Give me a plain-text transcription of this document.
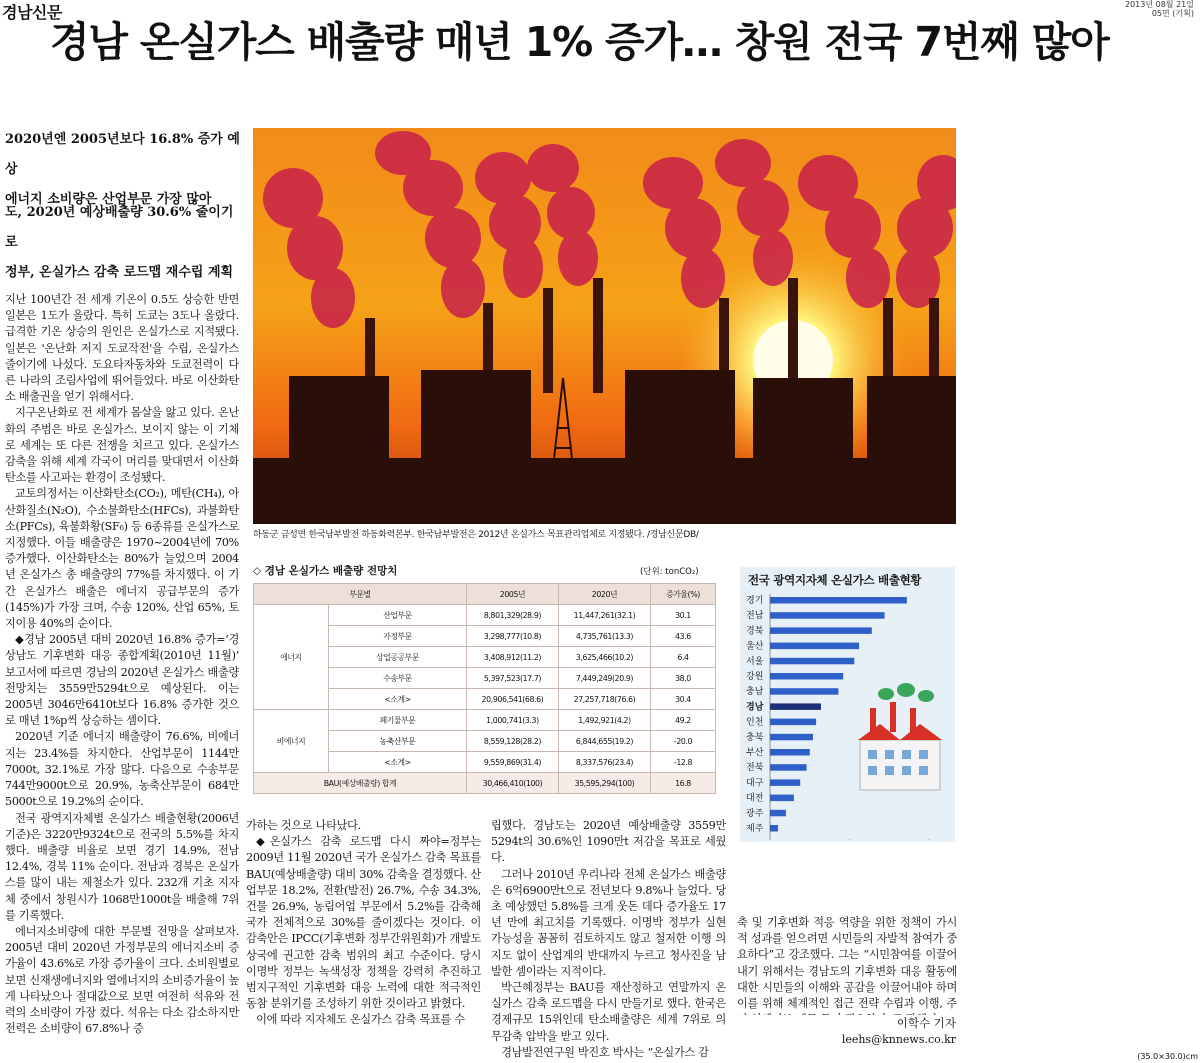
경남신문	2013년 08월 21일
05면 (기획)
경남 온실가스 배출량 매년 1% 증가… 창원 전국 7번째 많아
2020년엔 2005년보다 16.8% 증가 예상
에너지 소비량은 산업부문 가장 많아
도, 2020년 예상배출량 30.6% 줄이기로
정부, 온실가스 감축 로드맵 재수립 계획

지난 100년간 전 세계 기온이 0.5도 상승한 반면 일본은 1도가 올랐다. 특히 도쿄는 3도나 올랐다. 급격한 기온 상승의 원인은 온실가스로 지적됐다. 일본은 '온난화 저지 도쿄작전'을 수립, 온실가스 줄이기에 나섰다. 도요타자동차와 도쿄전력이 다른 나라의 조림사업에 뛰어들었다. 바로 이산화탄소 배출권을 얻기 위해서다.

지구온난화로 전 세계가 몸살을 앓고 있다. 온난화의 주범은 바로 온실가스. 보이지 않는 이 기체로 세계는 또 다른 전쟁을 치르고 있다. 온실가스 감축을 위해 세계 각국이 머리를 맞대면서 이산화탄소를 사고파는 환경이 조성됐다.

교토의정서는 이산화탄소(CO₂), 메탄(CH₄), 아산화질소(N₂O), 수소불화탄소(HFCs), 과불화탄소(PFCs), 육불화황(SF₆) 등 6종류를 온실가스로 지정했다. 이들 배출량은 1970~2004년에 70% 증가했다. 이산화탄소는 80%가 늘었으며 2004년 온실가스 총 배출량의 77%를 차지했다. 이 기간 온실가스 배출은 에너지 공급부문의 증가(145%)가 가장 크며, 수송 120%, 산업 65%, 토지이용 40%의 순이다.

◆경남 2005년 대비 2020년 16.8% 증가=‘경상남도 기후변화 대응 종합계획(2010년 11월)’ 보고서에 따르면 경남의 2020년 온실가스 배출량 전망치는 3559만5294t으로 예상된다. 이는 2005년 3046만6410t보다 16.8% 증가한 것으로 매년 1%p씩 상승하는 셈이다.

2020년 기준 에너지 배출량이 76.6%, 비에너지는 23.4%를 차지한다. 산업부문이 1144만7000t, 32.1%로 가장 많다. 다음으로 수송부문 744만9000t으로 20.9%, 농축산부문이 684만5000t으로 19.2%의 순이다.

전국 광역지자체별 온실가스 배출현황(2006년 기준)은 3220만9324t으로 전국의 5.5%를 차지했다. 배출량 비율로 보면 경기 14.9%, 전남 12.4%, 경북 11% 순이다. 전남과 경북은 온실가스를 많이 내는 제철소가 있다. 232개 기초 지자체 중에서 창원시가 1068만1000t을 배출해 7위를 기록했다.

에너지소비량에 대한 부문별 전망을 살펴보자. 2005년 대비 2020년 가정부문의 에너지소비 증가율이 43.6%로 가장 증가율이 크다. 소비원별로 보면 신재생에너지와 열에너지의 소비증가율이 높게 나타났으나 절대값으로 보면 여전히 석유와 전력의 소비량이 가장 컸다. 석유는 다소 감소하지만 전력은 소비량이 67.8%나 증

하동군 금성면 한국남부발전 하동화력본부. 한국남부발전은 2012년 온실가스 목표관리업체로 지정됐다. /경남신문DB/
◇ 경남 온실가스 배출량 전망치	(단위: tonCO₂)
부문별		2005년	2020년	증가율(%)
에너지	산업부문	8,801,329(28.9)	11,447,261(32.1)	30.1
	가정부문	3,298,777(10.8)	4,735,761(13.3)	43.6
	상업공공부문	3,408,912(11.2)	3,625,466(10.2)	6.4
	수송부문	5,397,523(17.7)	7,449,249(20.9)	38.0
	<소계>	20,906,541(68.6)	27,257,718(76.6)	30.4
비에너지	폐기물부문	1,000,741(3.3)	1,492,921(4.2)	49.2
	농축산부문	8,559,128(28.2)	6,844,655(19.2)	-20.0
	<소계>	9,559,869(31.4)	8,337,576(23.4)	-12.8
BAU(예상배출량) 합계		30,466,410(100)	35,595,294(100)	16.8
전국 광역지자체 온실가스 배출현황
경기
전남
경북
울산
서울
강원
충남
경남
인천
충북
부산
전북
대구
대전
광주
제주

가하는 것으로 나타났다.

◆온실가스 감축 로드맵 다시 짜야=정부는 2009년 11월 2020년 국가 온실가스 감축 목표를 BAU(예상배출량) 대비 30% 감축을 결정했다. 산업부문 18.2%, 전환(발전) 26.7%, 수송 34.3%, 건물 26.9%, 농림어업 부문에서 5.2%를 감축해 국가 전체적으로 30%를 줄이겠다는 것이다. 이 감축안은 IPCC(기후변화 정부간위원회)가 개발도상국에 권고한 감축 범위의 최고 수준이다. 당시 이명박 정부는 녹색성장 정책을 강력히 추진하고 범지구적인 기후변화 대응 노력에 대한 적극적인 동참 분위기를 조성하기 위한 것이라고 밝혔다.

이에 따라 지자체도 온실가스 감축 목표를 수

립했다. 경남도는 2020년 예상배출량 3559만5294t의 30.6%인 1090만t 저감을 목표로 세웠다.

그러나 2010년 우리나라 전체 온실가스 배출량은 6억6900만t으로 전년보다 9.8%나 늘었다. 당초 예상했던 5.8%를 크게 웃돈 데다 증가율도 17년 만에 최고치를 기록했다. 이명박 정부가 실현 가능성을 꼼꼼히 검토하지도 않고 철저한 이행 의지도 없이 산업계의 반대까지 누르고 청사진을 남발한 셈이라는 지적이다.

박근혜정부는 BAU를 재산정하고 연말까지 온실가스 감축 로드맵을 다시 만들기로 했다. 한국은 경제규모 15위인데 탄소배출량은 세계 7위로 의무감축 압박을 받고 있다.

경남발전연구원 박진호 박사는 “온실가스 감

축 및 기후변화 적응 역량을 위한 정책이 가시적 성과를 얻으려면 시민들의 자발적 참여가 중요하다”고 강조했다. 그는 “시민참여를 이끌어내기 위해서는 경남도의 기후변화 대응 활동에 대한 시민들의 이해와 공감을 이끌어내야 하며 이를 위해 체계적인 접근 전략 수립과 이행, 주

이학수 기자
leehs@knnews.co.kr
(35.0×30.0)cm
